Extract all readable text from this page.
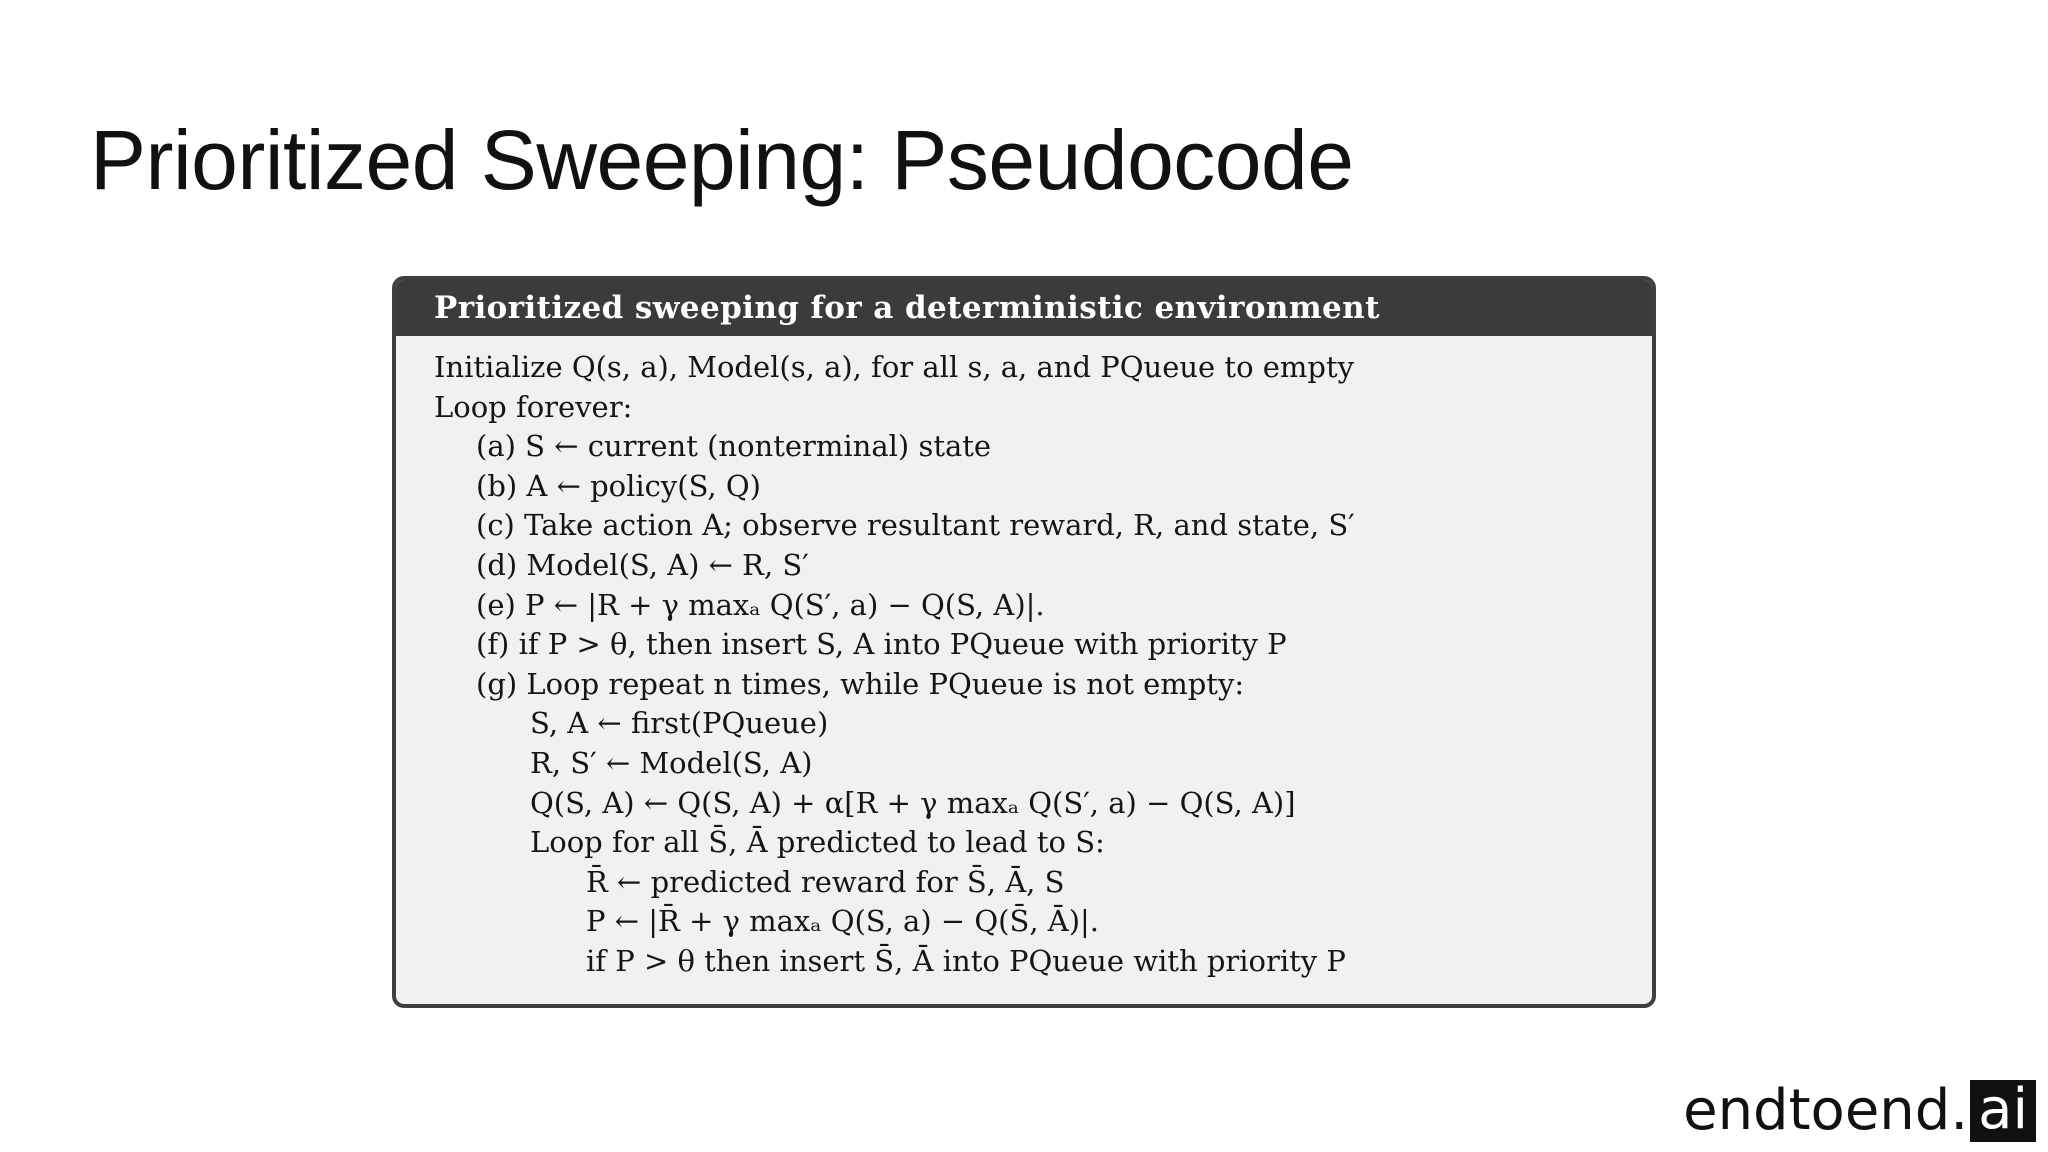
Prioritized Sweeping: Pseudocode
Prioritized sweeping for a deterministic environment
Initialize Q(s, a), Model(s, a), for all s, a, and PQueue to empty
Loop forever:
(a) S ← current (nonterminal) state
(b) A ← policy(S, Q)
(c) Take action A; observe resultant reward, R, and state, S′
(d) Model(S, A) ← R, S′
(e) P ← |R + γ maxₐ Q(S′, a) − Q(S, A)|.
(f) if P > θ, then insert S, A into PQueue with priority P
(g) Loop repeat n times, while PQueue is not empty:
S, A ← first(PQueue)
R, S′ ← Model(S, A)
Q(S, A) ← Q(S, A) + α[R + γ maxₐ Q(S′, a) − Q(S, A)]
Loop for all S̄, Ā predicted to lead to S:
R̄ ← predicted reward for S̄, Ā, S
P ← |R̄ + γ maxₐ Q(S, a) − Q(S̄, Ā)|.
if P > θ then insert S̄, Ā into PQueue with priority P
endtoend. ai
